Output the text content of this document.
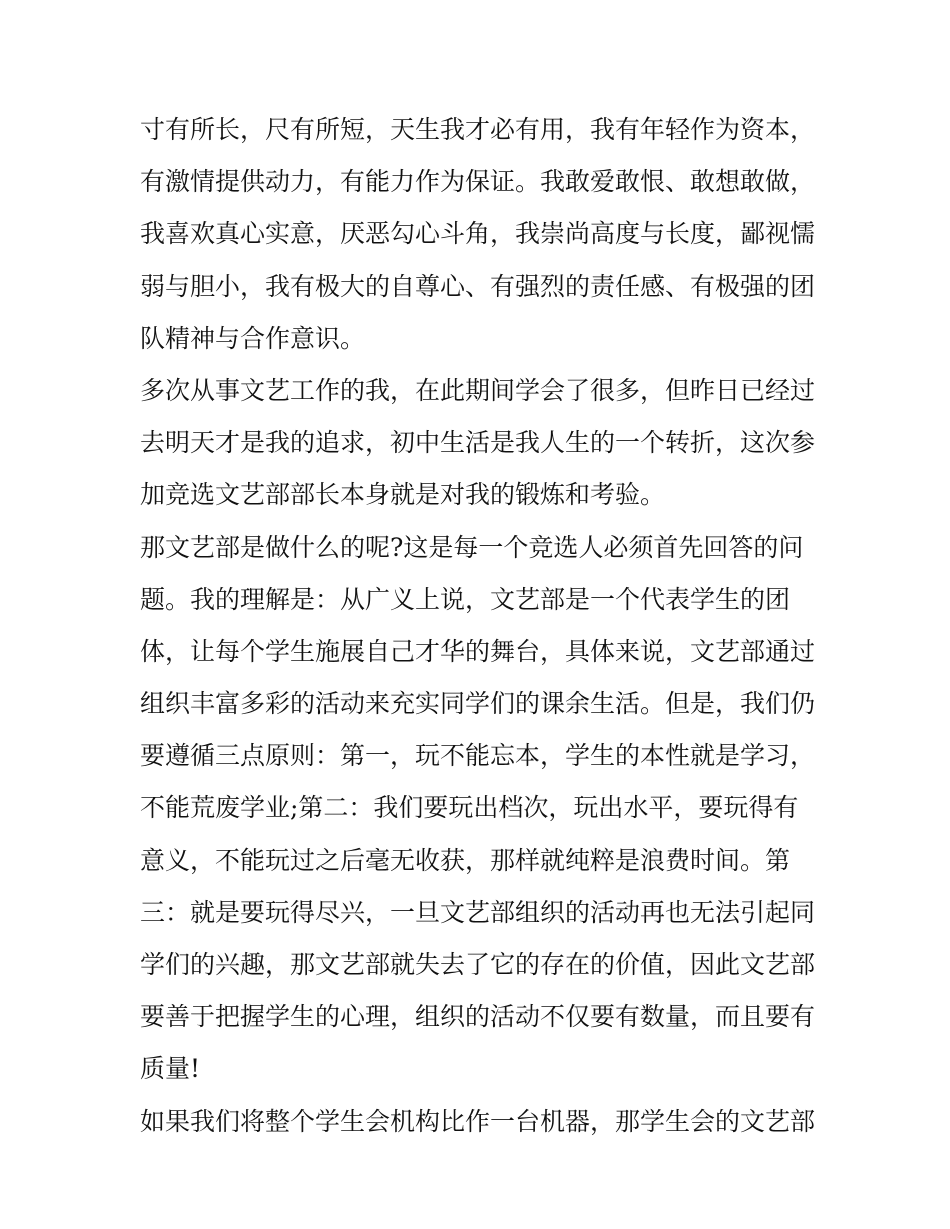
寸有所长，尺有所短，天生我才必有用，我有年轻作为资本，
有激情提供动力，有能力作为保证。我敢爱敢恨、敢想敢做，
我喜欢真心实意，厌恶勾心斗角，我崇尚高度与长度，鄙视懦
弱与胆小，我有极大的自尊心、有强烈的责任感、有极强的团
队精神与合作意识。
多次从事文艺工作的我，在此期间学会了很多，但昨日已经过
去明天才是我的追求，初中生活是我人生的一个转折，这次参
加竞选文艺部部长本身就是对我的锻炼和考验。
那文艺部是做什么的呢?这是每一个竞选人必须首先回答的问
题。我的理解是：从广义上说，文艺部是一个代表学生的团
体，让每个学生施展自己才华的舞台，具体来说，文艺部通过
组织丰富多彩的活动来充实同学们的课余生活。但是，我们仍
要遵循三点原则：第一，玩不能忘本，学生的本性就是学习，
不能荒废学业;第二：我们要玩出档次，玩出水平，要玩得有
意义，不能玩过之后毫无收获，那样就纯粹是浪费时间。第
三：就是要玩得尽兴，一旦文艺部组织的活动再也无法引起同
学们的兴趣，那文艺部就失去了它的存在的价值，因此文艺部
要善于把握学生的心理，组织的活动不仅要有数量，而且要有
质量!
如果我们将整个学生会机构比作一台机器，那学生会的文艺部
